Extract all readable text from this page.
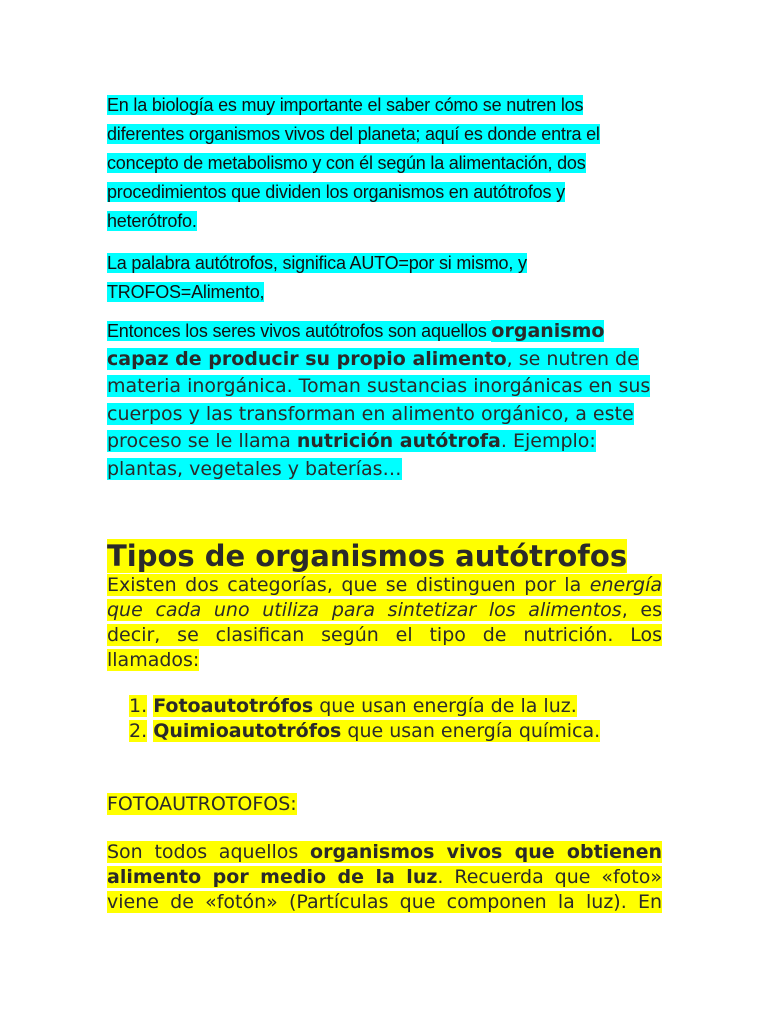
En la biología es muy importante el saber cómo se nutren los diferentes organismos vivos del planeta; aquí es donde entra el concepto de metabolismo y con él según la alimentación, dos procedimientos que dividen los organismos en autótrofos y heterótrofo.

La palabra autótrofos, significa AUTO=por si mismo, y TROFOS=Alimento,

Entonces los seres vivos autótrofos son aquellos organismo capaz de producir su propio alimento, se nutren de materia inorgánica. Toman sustancias inorgánicas en sus cuerpos y las transforman en alimento orgánico, a este proceso se le llama nutrición autótrofa. Ejemplo: plantas, vegetales y baterías…

Tipos de organismos autótrofos

Existen dos categorías, que se distinguen por la energía que cada uno utiliza para sintetizar los alimentos, es decir, se clasifican según el tipo de nutrición. Los llamados:

1. Fotoautotrófos que usan energía de la luz.
2. Quimioautotrófos que usan energía química.
FOTOAUTROTOFOS:

Son todos aquellos organismos vivos que obtienen alimento por medio de la luz. Recuerda que «foto» viene de «fotón» (Partículas que componen la luz). En
